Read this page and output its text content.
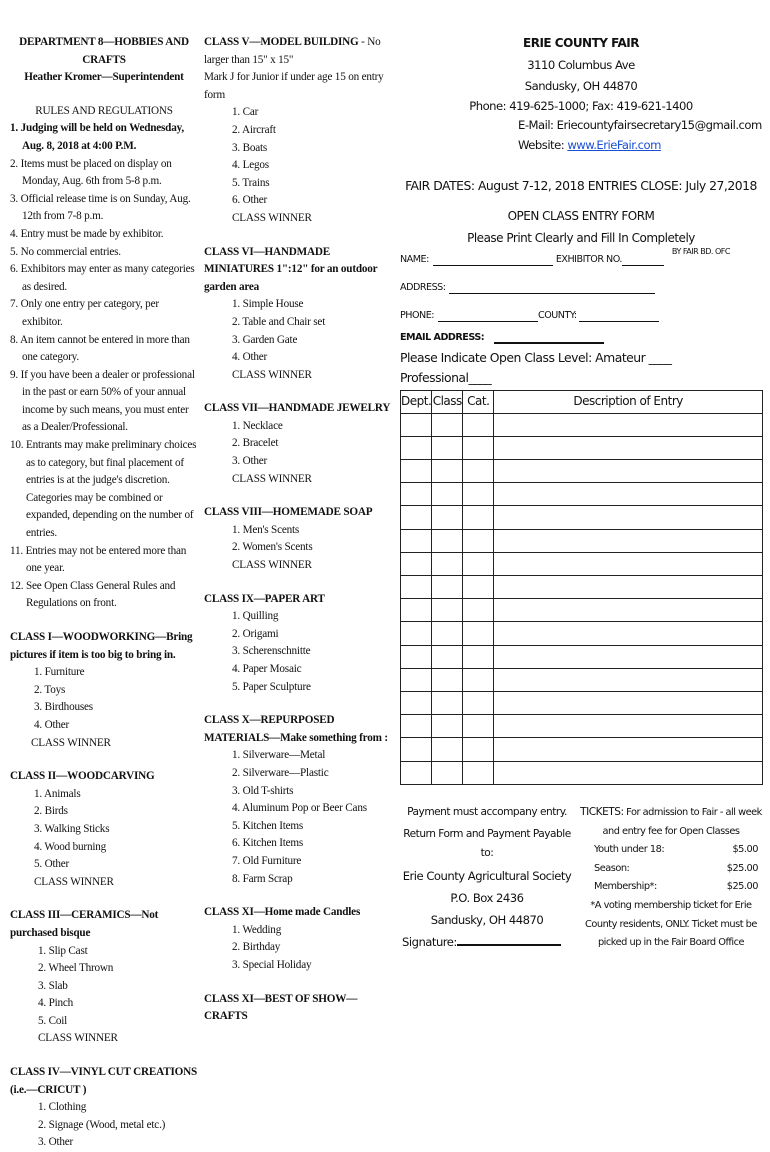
DEPARTMENT 8—HOBBIES AND CRAFTS
Heather Kromer—Superintendent
RULES AND REGULATIONS
1. Judging will be held on Wednesday, Aug. 8, 2018 at 4:00 P.M.
2. Items must be placed on display on Monday, Aug. 6th from 5-8 p.m.
3. Official release time is on Sunday, Aug. 12th from 7-8 p.m.
4. Entry must be made by exhibitor.
5. No commercial entries.
6. Exhibitors may enter as many categories as desired.
7. Only one entry per category, per exhibitor.
8. An item cannot be entered in more than one category.
9. If you have been a dealer or professional in the past or earn 50% of your annual income by such means, you must enter as a Dealer/Professional.
10. Entrants may make preliminary choices as to category, but final placement of entries is at the judge's discretion. Categories may be combined or expanded, depending on the number of entries.
11. Entries may not be entered more than one year.
12. See Open Class General Rules and Regulations on front.
CLASS I—WOODWORKING—Bring pictures if item is too big to bring in.
1. Furniture
2. Toys
3. Birdhouses
4. Other
CLASS WINNER
CLASS II—WOODCARVING
1. Animals
2. Birds
3. Walking Sticks
4. Wood burning
5. Other
CLASS WINNER
CLASS III—CERAMICS—Not purchased bisque
1. Slip Cast
2. Wheel Thrown
3. Slab
4. Pinch
5. Coil
CLASS WINNER
CLASS IV—VINYL CUT CREATIONS
(i.e.—CRICUT )
1. Clothing
2. Signage (Wood, metal etc.)
3. Other
CLASS V—MODEL BUILDING - No larger than 15" x 15"
Mark J for Junior if under age 15 on entry form
1. Car
2. Aircraft
3. Boats
4. Legos
5. Trains
6. Other
CLASS WINNER
CLASS VI—HANDMADE MINIATURES 1":12" for an outdoor garden area
1. Simple House
2. Table and Chair set
3. Garden Gate
4. Other
CLASS WINNER
CLASS VII—HANDMADE JEWELRY
1. Necklace
2. Bracelet
3. Other
CLASS WINNER
CLASS VIII—HOMEMADE SOAP
1. Men's Scents
2. Women's Scents
CLASS WINNER
CLASS IX—PAPER ART
1. Quilling
2. Origami
3. Scherenschnitte
4. Paper Mosaic
5. Paper Sculpture
CLASS X—REPURPOSED MATERIALS—Make something from :
1. Silverware—Metal
2. Silverware—Plastic
3. Old T-shirts
4. Aluminum Pop or Beer Cans
5. Kitchen Items
6. Kitchen Items
7. Old Furniture
8. Farm Scrap
CLASS XI—Home made Candles
1. Wedding
2. Birthday
3. Special Holiday
CLASS XI—BEST OF SHOW—CRAFTS
ERIE COUNTY FAIR
3110 Columbus Ave
Sandusky, OH 44870
Phone: 419-625-1000; Fax: 419-621-1400
E-Mail: Eriecountyfairsecretary15@gmail.com
Website: www.ErieFair.com
FAIR DATES: August 7-12, 2018 ENTRIES CLOSE: July 27,2018
OPEN CLASS ENTRY FORM
Please Print Clearly and Fill In Completely
NAME:	EXHIBITOR NO.
BY FAIR BD. OFC
ADDRESS:
PHONE:	COUNTY:
EMAIL ADDRESS:
Please Indicate Open Class Level: Amateur ____ Professional____
Dept.	Class	Cat.	Description of Entry

Payment must accompany entry.
Return Form and Payment Payable to:
Erie County Agricultural Society
P.O. Box 2436
Sandusky, OH 44870
Signature:
TICKETS: For admission to Fair - all week and entry fee for Open Classes
Youth under 18:	$5.00
Season:	$25.00
Membership*:	$25.00
*A voting membership ticket for Erie County residents, ONLY. Ticket must be picked up in the Fair Board Office
